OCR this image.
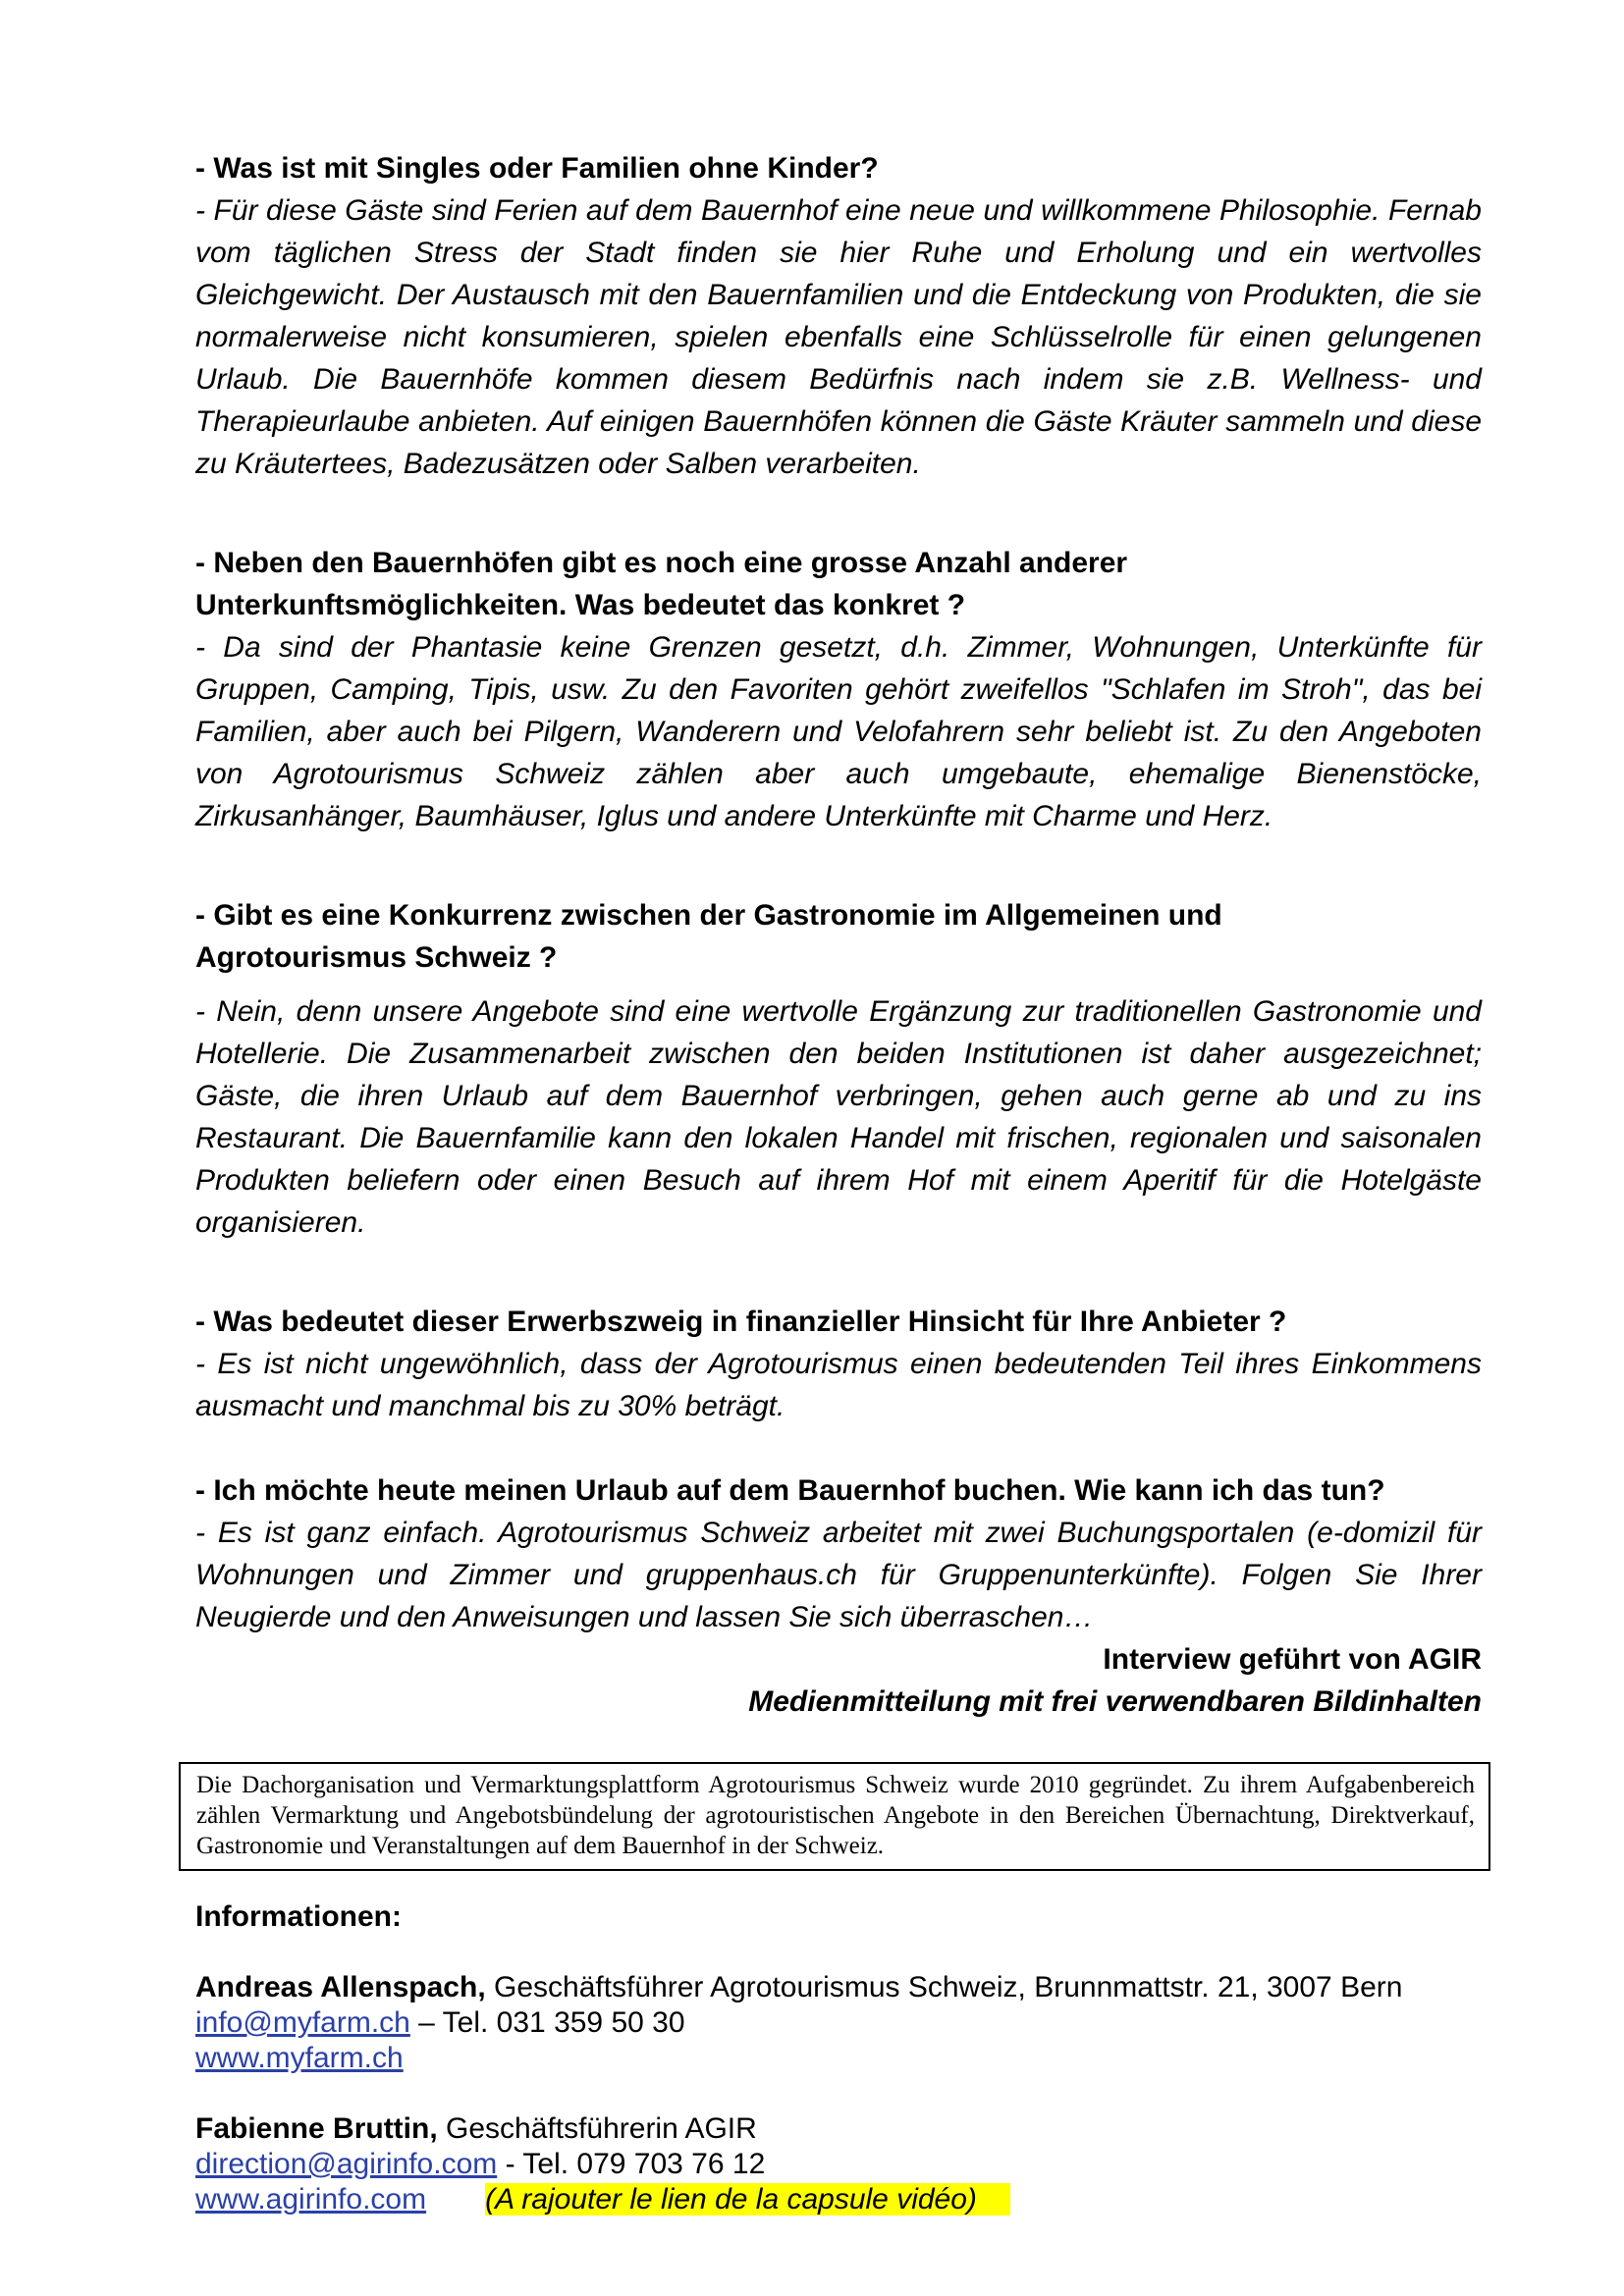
- Was ist mit Singles oder Familien ohne Kinder?
- Für diese Gäste sind Ferien auf dem Bauernhof eine neue und willkommene Philosophie. Fernab vom täglichen Stress der Stadt finden sie hier Ruhe und Erholung und ein wertvolles Gleichgewicht. Der Austausch mit den Bauernfamilien und die Entdeckung von Produkten, die sie normalerweise nicht konsumieren, spielen ebenfalls eine Schlüsselrolle für einen gelungenen Urlaub. Die Bauernhöfe kommen diesem Bedürfnis nach indem sie z.B. Wellness- und Therapieurlaube anbieten. Auf einigen Bauernhöfen können die Gäste Kräuter sammeln und diese zu Kräutertees, Badezusätzen oder Salben verarbeiten.
- Neben den Bauernhöfen gibt es noch eine grosse Anzahl anderer
Unterkunftsmöglichkeiten. Was bedeutet das konkret ?
- Da sind der Phantasie keine Grenzen gesetzt, d.h. Zimmer, Wohnungen, Unterkünfte für Gruppen, Camping, Tipis, usw. Zu den Favoriten gehört zweifellos "Schlafen im Stroh", das bei Familien, aber auch bei Pilgern, Wanderern und Velofahrern sehr beliebt ist. Zu den Angeboten von Agrotourismus Schweiz zählen aber auch umgebaute, ehemalige Bienenstöcke, Zirkusanhänger, Baumhäuser, Iglus und andere Unterkünfte mit Charme und Herz.
- Gibt es eine Konkurrenz zwischen der Gastronomie im Allgemeinen und
Agrotourismus Schweiz ?
- Nein, denn unsere Angebote sind eine wertvolle Ergänzung zur traditionellen Gastronomie und Hotellerie. Die Zusammenarbeit zwischen den beiden Institutionen ist daher ausgezeichnet; Gäste, die ihren Urlaub auf dem Bauernhof verbringen, gehen auch gerne ab und zu ins Restaurant. Die Bauernfamilie kann den lokalen Handel mit frischen, regionalen und saisonalen Produkten beliefern oder einen Besuch auf ihrem Hof mit einem Aperitif für die Hotelgäste organisieren.
- Was bedeutet dieser Erwerbszweig in finanzieller Hinsicht für Ihre Anbieter ?
- Es ist nicht ungewöhnlich, dass der Agrotourismus einen bedeutenden Teil ihres Einkommens ausmacht und manchmal bis zu 30% beträgt.
- Ich möchte heute meinen Urlaub auf dem Bauernhof buchen. Wie kann ich das tun?
- Es ist ganz einfach. Agrotourismus Schweiz arbeitet mit zwei Buchungsportalen (e-domizil für Wohnungen und Zimmer und gruppenhaus.ch für Gruppenunterkünfte). Folgen Sie Ihrer Neugierde und den Anweisungen und lassen Sie sich überraschen…
Interview geführt von AGIR
Medienmitteilung mit frei verwendbaren Bildinhalten
Die Dachorganisation und Vermarktungsplattform Agrotourismus Schweiz wurde 2010 gegründet. Zu ihrem Aufgabenbereich zählen Vermarktung und Angebotsbündelung der agrotouristischen Angebote in den Bereichen Übernachtung, Direktverkauf, Gastronomie und Veranstaltungen auf dem Bauernhof in der Schweiz.
Informationen:
Andreas Allenspach, Geschäftsführer Agrotourismus Schweiz, Brunnmattstr. 21, 3007 Bern
info@myfarm.ch – Tel. 031 359 50 30
www.myfarm.ch
Fabienne Bruttin, Geschäftsführerin AGIR
direction@agirinfo.com - Tel. 079 703 76 12
www.agirinfo.com (A rajouter le lien de la capsule vidéo)
